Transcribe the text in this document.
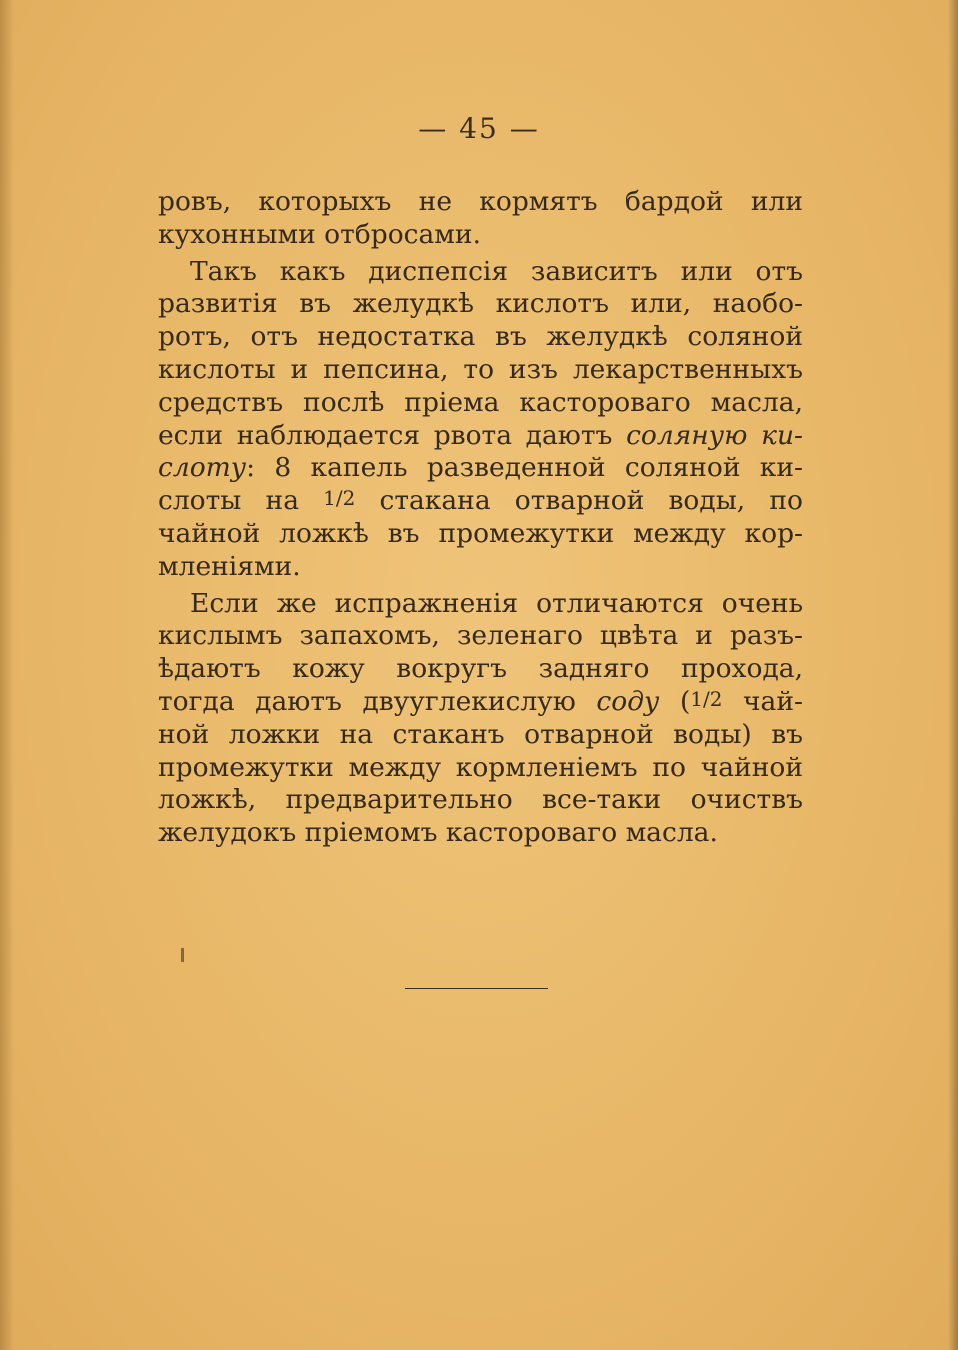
— 45 —
ровъ, которыхъ не кормятъ бардой или
кухонными отбросами.
Такъ какъ диспепсія зависитъ или отъ
развитія въ желудкѣ кислотъ или, наобо-
ротъ, отъ недостатка въ желудкѣ соляной
кислоты и пепсина, то изъ лекарственныхъ
средствъ послѣ пріема касторовaго масла,
если наблюдается рвота даютъ соляную ки-
слоту: 8 капель разведенной соляной ки-
слоты на 1/2 стакана отварной воды, по
чайной ложкѣ въ промежутки между кор-
мленіями.
Если же испражненія отличаются очень
кислымъ запахомъ, зеленаго цвѣта и разъ-
ѣдаютъ кожу вокругъ задняго прохода,
тогда даютъ двууглекислую соду (1/2 чай-
ной ложки на стаканъ отварной воды) въ
промежутки между кормленіемъ по чайной
ложкѣ, предварительно все-таки очиствъ
желудокъ пріемомъ касторовaго масла.
